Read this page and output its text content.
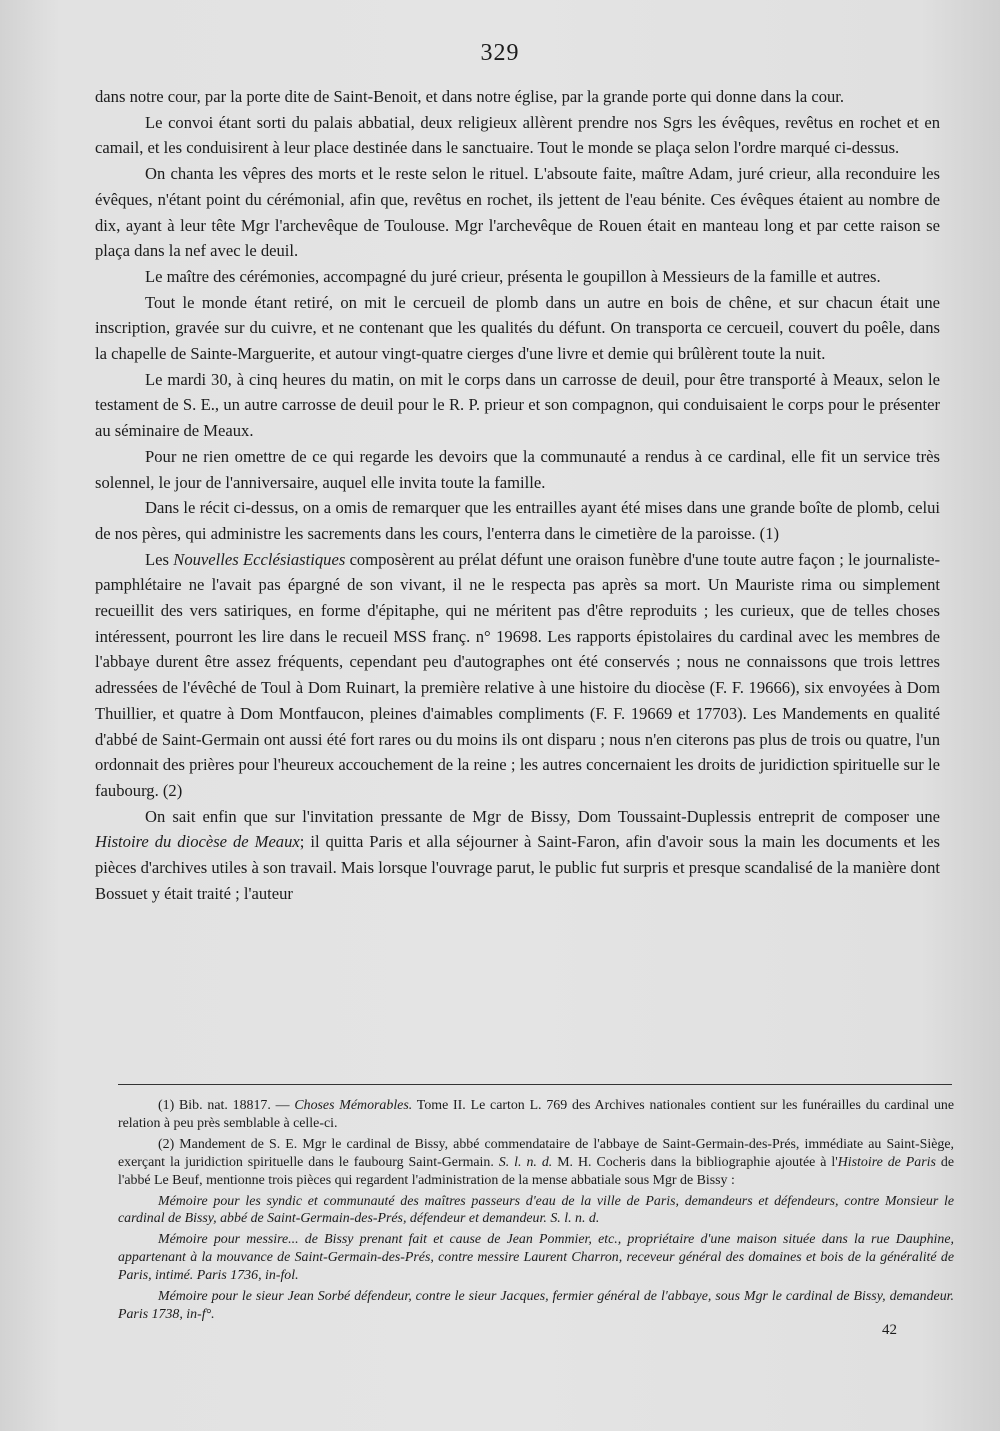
329

dans notre cour, par la porte dite de Saint-Benoit, et dans notre église, par la grande porte qui donne dans la cour.

Le convoi étant sorti du palais abbatial, deux religieux allèrent prendre nos Sgrs les évêques, revêtus en rochet et en camail, et les conduisirent à leur place destinée dans le sanctuaire. Tout le monde se plaça selon l'ordre marqué ci-dessus.

On chanta les vêpres des morts et le reste selon le rituel. L'absoute faite, maître Adam, juré crieur, alla reconduire les évêques, n'étant point du cérémonial, afin que, revêtus en rochet, ils jettent de l'eau bénite. Ces évêques étaient au nombre de dix, ayant à leur tête Mgr l'archevêque de Toulouse. Mgr l'archevêque de Rouen était en manteau long et par cette raison se plaça dans la nef avec le deuil.

Le maître des cérémonies, accompagné du juré crieur, présenta le goupillon à Messieurs de la famille et autres.

Tout le monde étant retiré, on mit le cercueil de plomb dans un autre en bois de chêne, et sur chacun était une inscription, gravée sur du cuivre, et ne contenant que les qualités du défunt. On transporta ce cercueil, couvert du poêle, dans la chapelle de Sainte-Marguerite, et autour vingt-quatre cierges d'une livre et demie qui brûlèrent toute la nuit.

Le mardi 30, à cinq heures du matin, on mit le corps dans un carrosse de deuil, pour être transporté à Meaux, selon le testament de S. E., un autre carrosse de deuil pour le R. P. prieur et son compagnon, qui conduisaient le corps pour le présenter au séminaire de Meaux.

Pour ne rien omettre de ce qui regarde les devoirs que la communauté a rendus à ce cardinal, elle fit un service très solennel, le jour de l'anniversaire, auquel elle invita toute la famille.

Dans le récit ci-dessus, on a omis de remarquer que les entrailles ayant été mises dans une grande boîte de plomb, celui de nos pères, qui administre les sacrements dans les cours, l'enterra dans le cimetière de la paroisse. (1)

Les Nouvelles Ecclésiastiques composèrent au prélat défunt une oraison funèbre d'une toute autre façon ; le journaliste-pamphlétaire ne l'avait pas épargné de son vivant, il ne le respecta pas après sa mort. Un Mauriste rima ou simplement recueillit des vers satiriques, en forme d'épitaphe, qui ne méritent pas d'être reproduits ; les curieux, que de telles choses intéressent, pourront les lire dans le recueil MSS franç. n° 19698. Les rapports épistolaires du cardinal avec les membres de l'abbaye durent être assez fréquents, cependant peu d'autographes ont été conservés ; nous ne connaissons que trois lettres adressées de l'évêché de Toul à Dom Ruinart, la première relative à une histoire du diocèse (F. F. 19666), six envoyées à Dom Thuillier, et quatre à Dom Montfaucon, pleines d'aimables compliments (F. F. 19669 et 17703). Les Mandements en qualité d'abbé de Saint-Germain ont aussi été fort rares ou du moins ils ont disparu ; nous n'en citerons pas plus de trois ou quatre, l'un ordonnait des prières pour l'heureux accouchement de la reine ; les autres concernaient les droits de juridiction spirituelle sur le faubourg. (2)

On sait enfin que sur l'invitation pressante de Mgr de Bissy, Dom Toussaint-Duplessis entreprit de composer une Histoire du diocèse de Meaux; il quitta Paris et alla séjourner à Saint-Faron, afin d'avoir sous la main les documents et les pièces d'archives utiles à son travail. Mais lorsque l'ouvrage parut, le public fut surpris et presque scandalisé de la manière dont Bossuet y était traité ; l'auteur

(1) Bib. nat. 18817. — Choses Mémorables. Tome II. Le carton L. 769 des Archives nationales contient sur les funérailles du cardinal une relation à peu près semblable à celle-ci.

(2) Mandement de S. E. Mgr le cardinal de Bissy, abbé commendataire de l'abbaye de Saint-Germain-des-Prés, immédiate au Saint-Siège, exerçant la juridiction spirituelle dans le faubourg Saint-Germain. S. l. n. d. M. H. Cocheris dans la bibliographie ajoutée à l'Histoire de Paris de l'abbé Le Beuf, mentionne trois pièces qui regardent l'administration de la mense abbatiale sous Mgr de Bissy :

Mémoire pour les syndic et communauté des maîtres passeurs d'eau de la ville de Paris, demandeurs et défendeurs, contre Monsieur le cardinal de Bissy, abbé de Saint-Germain-des-Prés, défendeur et demandeur. S. l. n. d.

Mémoire pour messire... de Bissy prenant fait et cause de Jean Pommier, etc., propriétaire d'une maison située dans la rue Dauphine, appartenant à la mouvance de Saint-Germain-des-Prés, contre messire Laurent Charron, receveur général des domaines et bois de la généralité de Paris, intimé. Paris 1736, in-fol.

Mémoire pour le sieur Jean Sorbé défendeur, contre le sieur Jacques, fermier général de l'abbaye, sous Mgr le cardinal de Bissy, demandeur. Paris 1738, in-f°.

42
